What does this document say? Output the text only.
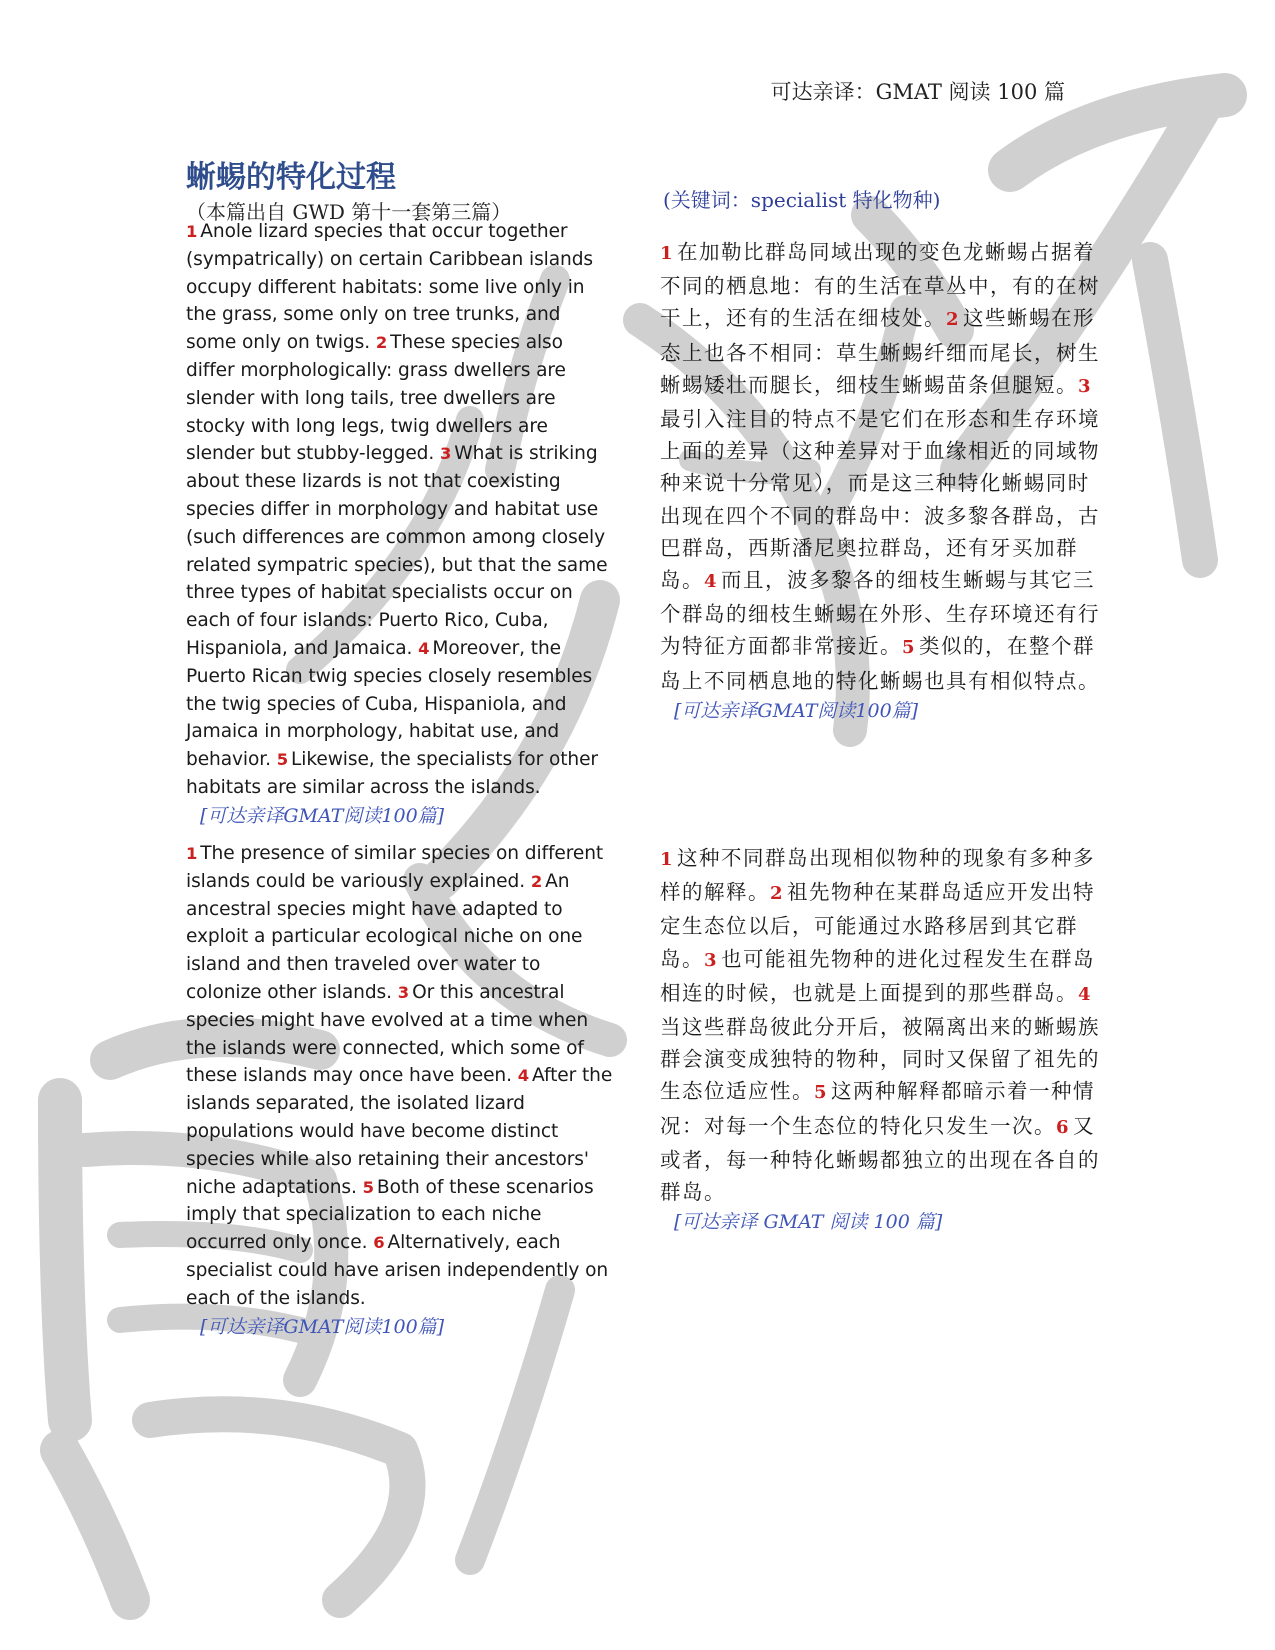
可达亲译：GMAT 阅读 100 篇
蜥蜴的特化过程
（本篇出自 GWD 第十一套第三篇）	(关键词：specialist 特化物种)
1 Anole lizard species that occur together (sympatrically) on certain Caribbean islands occupy different habitats: some live only in the grass, some only on tree trunks, and some only on twigs. 2 These species also differ morphologically: grass dwellers are slender with long tails, tree dwellers are stocky with long legs, twig dwellers are slender but stubby-legged. 3 What is striking about these lizards is not that coexisting species differ in morphology and habitat use (such differences are common among closely related sympatric species), but that the same three types of habitat specialists occur on each of four islands: Puerto Rico, Cuba, Hispaniola, and Jamaica. 4 Moreover, the Puerto Rican twig species closely resembles the twig species of Cuba, Hispaniola, and Jamaica in morphology, habitat use, and behavior. 5 Likewise, the specialists for other habitats are similar across the islands.
[可达亲译GMAT阅读100篇]
1 The presence of similar species on different islands could be variously explained. 2 An ancestral species might have adapted to exploit a particular ecological niche on one island and then traveled over water to colonize other islands. 3 Or this ancestral species might have evolved at a time when the islands were connected, which some of these islands may once have been. 4 After the islands separated, the isolated lizard populations would have become distinct species while also retaining their ancestors' niche adaptations. 5 Both of these scenarios imply that specialization to each niche occurred only once. 6 Alternatively, each specialist could have arisen independently on each of the islands.
[可达亲译GMAT阅读100篇]
1 在加勒比群岛同域出现的变色龙蜥蜴占据着不同的栖息地：有的生活在草丛中，有的在树干上，还有的生活在细枝处。2 这些蜥蜴在形态上也各不相同：草生蜥蜴纤细而尾长，树生蜥蜴矮壮而腿长，细枝生蜥蜴苗条但腿短。3最引入注目的特点不是它们在形态和生存环境上面的差异（这种差异对于血缘相近的同域物种来说十分常见），而是这三种特化蜥蜴同时出现在四个不同的群岛中：波多黎各群岛，古巴群岛，西斯潘尼奥拉群岛，还有牙买加群岛。4 而且，波多黎各的细枝生蜥蜴与其它三个群岛的细枝生蜥蜴在外形、生存环境还有行为特征方面都非常接近。5 类似的，在整个群岛上不同栖息地的特化蜥蜴也具有相似特点。
[可达亲译GMAT阅读100篇]
1 这种不同群岛出现相似物种的现象有多种多样的解释。2 祖先物种在某群岛适应开发出特定生态位以后，可能通过水路移居到其它群岛。3 也可能祖先物种的进化过程发生在群岛相连的时候，也就是上面提到的那些群岛。4当这些群岛彼此分开后，被隔离出来的蜥蜴族群会演变成独特的物种，同时又保留了祖先的生态位适应性。5 这两种解释都暗示着一种情况：对每一个生态位的特化只发生一次。6 又或者，每一种特化蜥蜴都独立的出现在各自的群岛。
[可达亲译 GMAT 阅读 100 篇]
